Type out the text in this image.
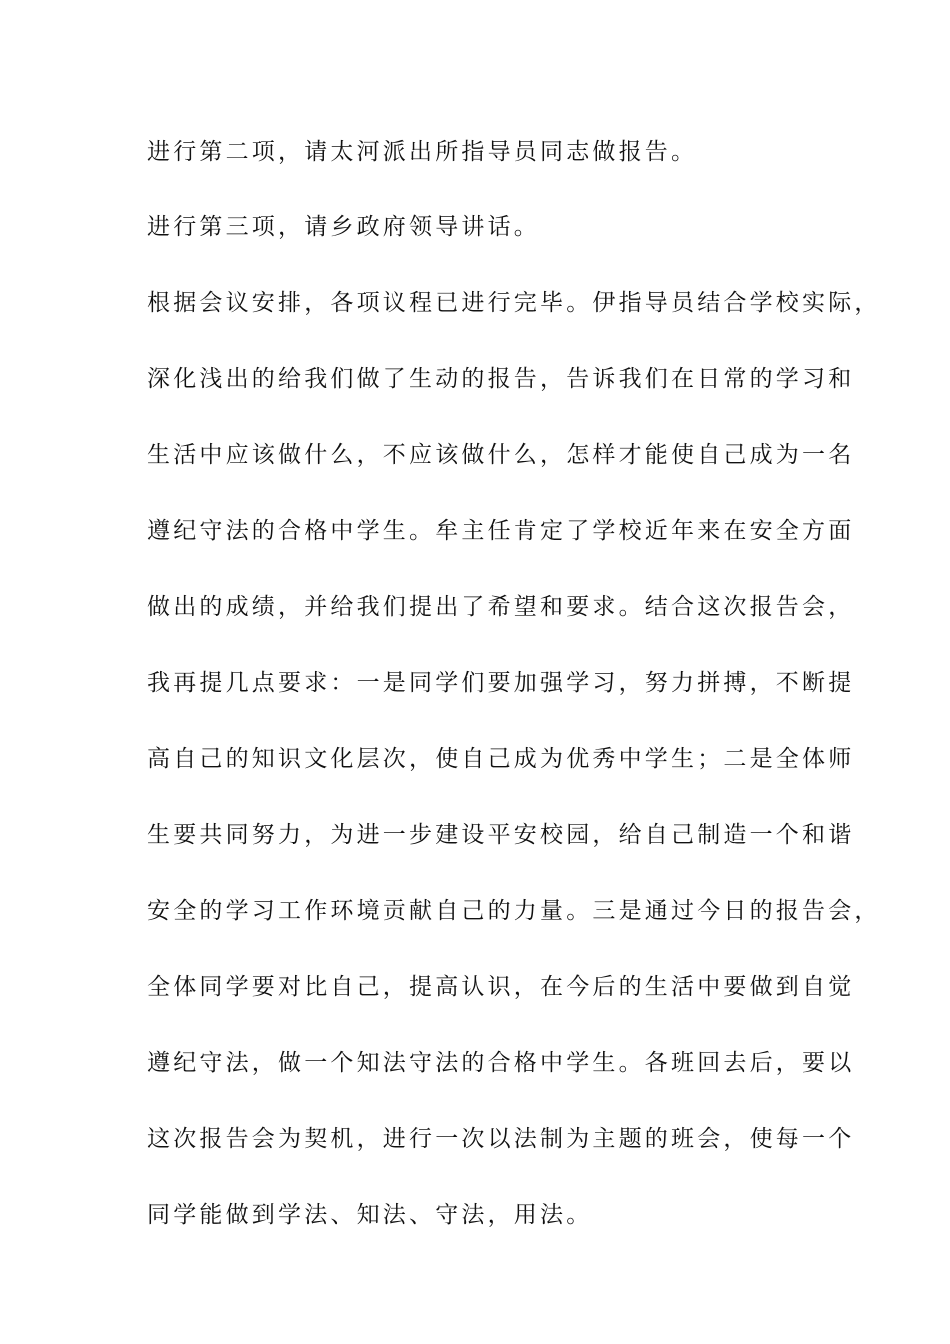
进行第二项，请太河派出所指导员同志做报告。
进行第三项，请乡政府领导讲话。
根据会议安排，各项议程已进行完毕。伊指导员结合学校实际，
深化浅出的给我们做了生动的报告，告诉我们在日常的学习和
生活中应该做什么，不应该做什么，怎样才能使自己成为一名
遵纪守法的合格中学生。牟主任肯定了学校近年来在安全方面
做出的成绩，并给我们提出了希望和要求。结合这次报告会，
我再提几点要求：一是同学们要加强学习，努力拼搏，不断提
高自己的知识文化层次，使自己成为优秀中学生；二是全体师
生要共同努力，为进一步建设平安校园，给自己制造一个和谐
安全的学习工作环境贡献自己的力量。三是通过今日的报告会，
全体同学要对比自己，提高认识，在今后的生活中要做到自觉
遵纪守法，做一个知法守法的合格中学生。各班回去后，要以
这次报告会为契机，进行一次以法制为主题的班会，使每一个
同学能做到学法、知法、守法，用法。
